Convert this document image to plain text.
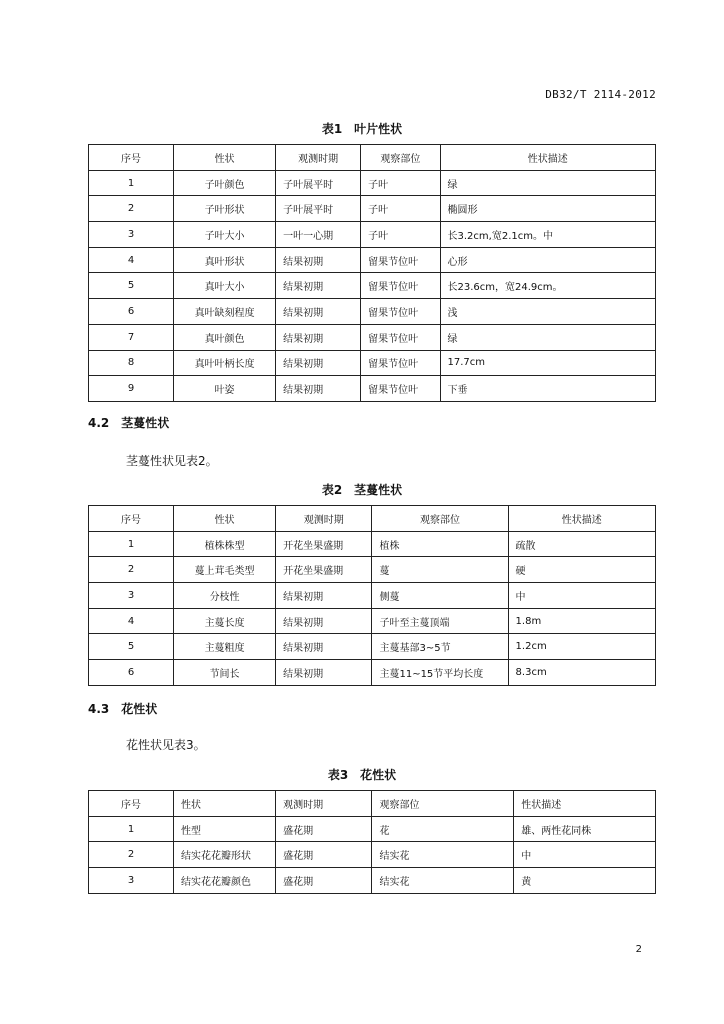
DB32/T 2114-2012
表1　叶片性状
序号	性状	观测时期	观察部位	性状描述
1	子叶颜色	子叶展平时	子叶	绿
2	子叶形状	子叶展平时	子叶	椭圆形
3	子叶大小	一叶一心期	子叶	长3.2cm,宽2.1cm。中
4	真叶形状	结果初期	留果节位叶	心形
5	真叶大小	结果初期	留果节位叶	长23.6cm，宽24.9cm。
6	真叶缺刻程度	结果初期	留果节位叶	浅
7	真叶颜色	结果初期	留果节位叶	绿
8	真叶叶柄长度	结果初期	留果节位叶	17.7cm
9	叶姿	结果初期	留果节位叶	下垂
4.2　茎蔓性状
茎蔓性状见表2。
表2　茎蔓性状
序号	性状	观测时期	观察部位	性状描述
1	植株株型	开花坐果盛期	植株	疏散
2	蔓上茸毛类型	开花坐果盛期	蔓	硬
3	分枝性	结果初期	侧蔓	中
4	主蔓长度	结果初期	子叶至主蔓顶端	1.8m
5	主蔓粗度	结果初期	主蔓基部3~5节	1.2cm
6	节间长	结果初期	主蔓11~15节平均长度	8.3cm
4.3　花性状
花性状见表3。
表3　花性状
序号	性状	观测时期	观察部位	性状描述
1	性型	盛花期	花	雄、两性花同株
2	结实花花瓣形状	盛花期	结实花	中
3	结实花花瓣颜色	盛花期	结实花	黄
2
